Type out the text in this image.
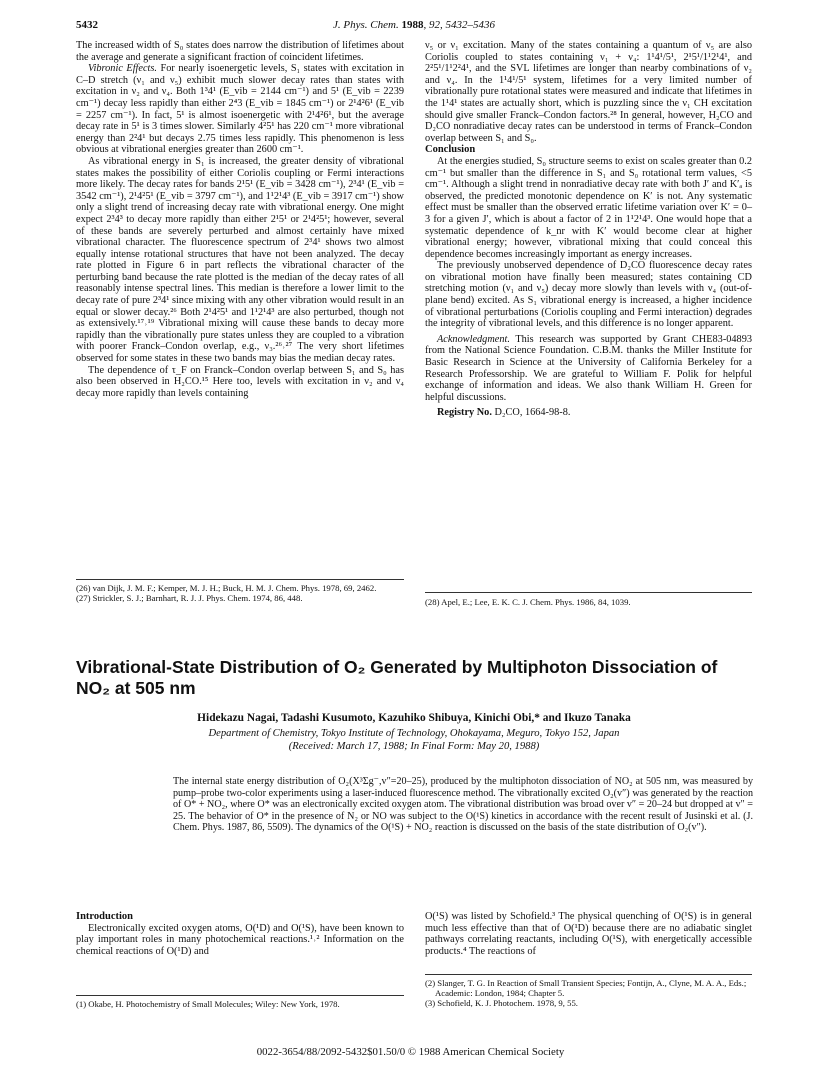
5432	J. Phys. Chem. 1988, 92, 5432–5436

The increased width of S₀ states does narrow the distribution of lifetimes about the average and generate a significant fraction of coincident lifetimes.

Vibronic Effects. For nearly isoenergetic levels, S₁ states with excitation in C–D stretch (ν₁ and ν₅) exhibit much slower decay rates than states with excitation in ν₂ and ν₄. Both 1³4¹ (E_vib = 2144 cm⁻¹) and 5¹ (E_vib = 2239 cm⁻¹) decay less rapidly than either 2⁴3 (E_vib = 1845 cm⁻¹) or 2¹4²6¹ (E_vib = 2257 cm⁻¹). In fact, 5¹ is almost isoenergetic with 2¹4²6¹, but the average decay rate in 5¹ is 3 times slower. Similarly 4²5¹ has 220 cm⁻¹ more vibrational energy than 2²4¹ but decays 2.75 times less rapidly. This phenomenon is less obvious at vibrational energies greater than 2600 cm⁻¹.

As vibrational energy in S₁ is increased, the greater density of vibrational states makes the possibility of either Coriolis coupling or Fermi interactions more likely. The decay rates for bands 2¹5¹ (E_vib = 3428 cm⁻¹), 2³4¹ (E_vib = 3542 cm⁻¹), 2¹4²5¹ (E_vib = 3797 cm⁻¹), and 1¹2¹4³ (E_vib = 3917 cm⁻¹) show only a slight trend of increasing decay rate with vibrational energy. One might expect 2³4³ to decay more rapidly than either 2¹5¹ or 2¹4²5¹; however, several of these bands are severely perturbed and almost certainly have mixed vibrational character. The fluorescence spectrum of 2³4¹ shows two almost equally intense rotational structures that have not been analyzed. The decay rate plotted in Figure 6 in part reflects the vibrational character of the perturbing band because the rate plotted is the median of the decay rates of all reasonably intense spectral lines. This median is therefore a lower limit to the decay rate of pure 2³4¹ since mixing with any other vibration would result in an equal or slower decay.²⁶ Both 2¹4²5¹ and 1¹2¹4³ are also perturbed, though not as extensively.¹⁷˒¹⁹ Vibrational mixing will cause these bands to decay more rapidly than the vibrationally pure states unless they are coupled to a vibration with poorer Franck–Condon overlap, e.g., ν₃.²⁶˒²⁷ The very short lifetimes observed for some states in these two bands may bias the median decay rates.

The dependence of τ_F on Franck–Condon overlap between S₁ and S₀ has also been observed in H₂CO.¹⁵ Here too, levels with excitation in ν₂ and ν₄ decay more rapidly than levels containing

ν₅ or ν₁ excitation. Many of the states containing a quantum of ν₅ are also Coriolis coupled to states containing ν₁ + ν₄: 1¹4¹/5¹, 2¹5¹/1¹2¹4¹, and 2²5¹/1¹2²4¹, and the SVL lifetimes are longer than nearby combinations of ν₂ and ν₄. In the 1¹4¹/5¹ system, lifetimes for a very limited number of vibrationally pure rotational states were measured and indicate that lifetimes in the 1¹4¹ states are actually short, which is puzzling since the ν₁ CH excitation should give smaller Franck–Condon factors.²⁸ In general, however, H₂CO and D₂CO nonradiative decay rates can be understood in terms of Franck–Condon overlap between S₁ and S₀.

Conclusion

At the energies studied, S₀ structure seems to exist on scales greater than 0.2 cm⁻¹ but smaller than the difference in S₁ and S₀ rotational term values, <5 cm⁻¹. Although a slight trend in nonradiative decay rate with both J′ and K′ₐ is observed, the predicted monotonic dependence on K′ is not. Any systematic effect must be smaller than the observed erratic lifetime variation over K′ = 0–3 for a given J′, which is about a factor of 2 in 1¹2¹4³. One would hope that a systematic dependence of k_nr with K′ would become clear at higher vibrational energy; however, vibrational mixing that could conceal this dependence becomes increasingly important as energy increases.

The previously unobserved dependence of D₂CO fluorescence decay rates on vibrational motion have finally been measured; states containing CD stretching motion (ν₁ and ν₅) decay more slowly than levels with ν₄ (out-of-plane bend) excited. As S₁ vibrational energy is increased, a higher incidence of vibrational perturbations (Coriolis coupling and Fermi interaction) degrades the integrity of vibrational levels, and this difference is no longer apparent.

Acknowledgment. This research was supported by Grant CHE83-04893 from the National Science Foundation. C.B.M. thanks the Miller Institute for Basic Research in Science at the University of California Berkeley for a Research Professorship. We are grateful to William F. Polik for helpful exchange of information and ideas. We also thank William H. Green for helpful discussions.

Registry No. D₂CO, 1664-98-8.

(26) van Dijk, J. M. F.; Kemper, M. J. H.; Buck, H. M. J. Chem. Phys. 1978, 69, 2462.
(27) Strickler, S. J.; Barnhart, R. J. J. Phys. Chem. 1974, 86, 448.	(28) Apel, E.; Lee, E. K. C. J. Chem. Phys. 1986, 84, 1039.
Vibrational-State Distribution of O₂ Generated by Multiphoton Dissociation of NO₂ at 505 nm
Hidekazu Nagai, Tadashi Kusumoto, Kazuhiko Shibuya, Kinichi Obi,* and Ikuzo Tanaka
Department of Chemistry, Tokyo Institute of Technology, Ohokayama, Meguro, Tokyo 152, Japan
(Received: March 17, 1988; In Final Form: May 20, 1988)
The internal state energy distribution of O₂(X³Σg⁻,v″=20–25), produced by the multiphoton dissociation of NO₂ at 505 nm, was measured by pump–probe two-color experiments using a laser-induced fluorescence method. The vibrationally excited O₂(v″) was generated by the reaction of O* + NO₂, where O* was an electronically excited oxygen atom. The vibrational distribution was broad over v″ = 20–24 but dropped at v″ = 25. The behavior of O* in the presence of N₂ or NO was subject to the O(¹S) kinetics in accordance with the recent result of Jusinski et al. (J. Chem. Phys. 1987, 86, 5509). The dynamics of the O(¹S) + NO₂ reaction is discussed on the basis of the state distribution of O₂(v″).

Introduction

Electronically excited oxygen atoms, O(¹D) and O(¹S), have been known to play important roles in many photochemical reactions.¹˒² Information on the chemical reactions of O(¹D) and

O(¹S) was listed by Schofield.³ The physical quenching of O(¹S) is in general much less effective than that of O(¹D) because there are no adiabatic singlet pathways correlating reactants, including O(¹S), with energetically accessible products.⁴ The reactions of

(1) Okabe, H. Photochemistry of Small Molecules; Wiley: New York, 1978.
(2) Slanger, T. G. In Reaction of Small Transient Species; Fontijn, A., Clyne, M. A. A., Eds.; Academic: London, 1984; Chapter 5.
(3) Schofield, K. J. Photochem. 1978, 9, 55.
0022-3654/88/2092-5432$01.50/0 © 1988 American Chemical Society
